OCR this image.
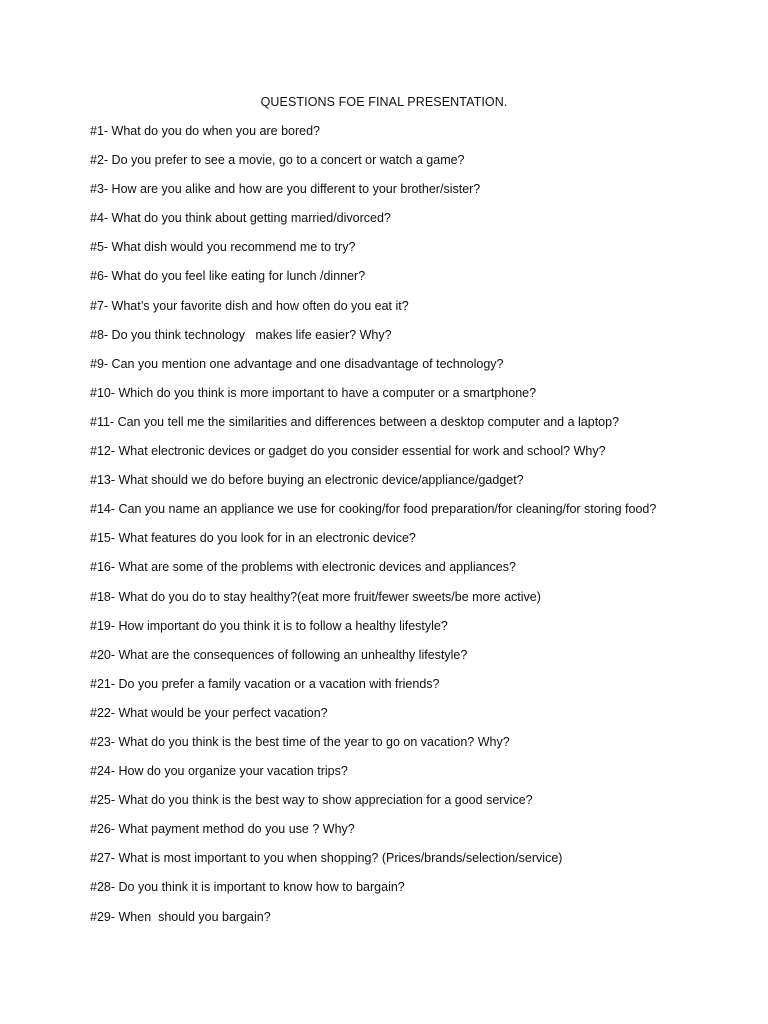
QUESTIONS FOE FINAL PRESENTATION.
#1- What do you do when you are bored?
#2- Do you prefer to see a movie, go to a concert or watch a game?
#3- How are you alike and how are you different to your brother/sister?
#4- What do you think about getting married/divorced?
#5- What dish would you recommend me to try?
#6- What do you feel like eating for lunch /dinner?
#7- What’s your favorite dish and how often do you eat it?
#8- Do you think technology   makes life easier? Why?
#9- Can you mention one advantage and one disadvantage of technology?
#10- Which do you think is more important to have a computer or a smartphone?
#11- Can you tell me the similarities and differences between a desktop computer and a laptop?
#12- What electronic devices or gadget do you consider essential for work and school? Why?
#13- What should we do before buying an electronic device/appliance/gadget?
#14- Can you name an appliance we use for cooking/for food preparation/for cleaning/for storing food?
#15- What features do you look for in an electronic device?
#16- What are some of the problems with electronic devices and appliances?
#18- What do you do to stay healthy?(eat more fruit/fewer sweets/be more active)
#19- How important do you think it is to follow a healthy lifestyle?
#20- What are the consequences of following an unhealthy lifestyle?
#21- Do you prefer a family vacation or a vacation with friends?
#22- What would be your perfect vacation?
#23- What do you think is the best time of the year to go on vacation? Why?
#24- How do you organize your vacation trips?
#25- What do you think is the best way to show appreciation for a good service?
#26- What payment method do you use ? Why?
#27- What is most important to you when shopping? (Prices/brands/selection/service)
#28- Do you think it is important to know how to bargain?
#29- When  should you bargain?
